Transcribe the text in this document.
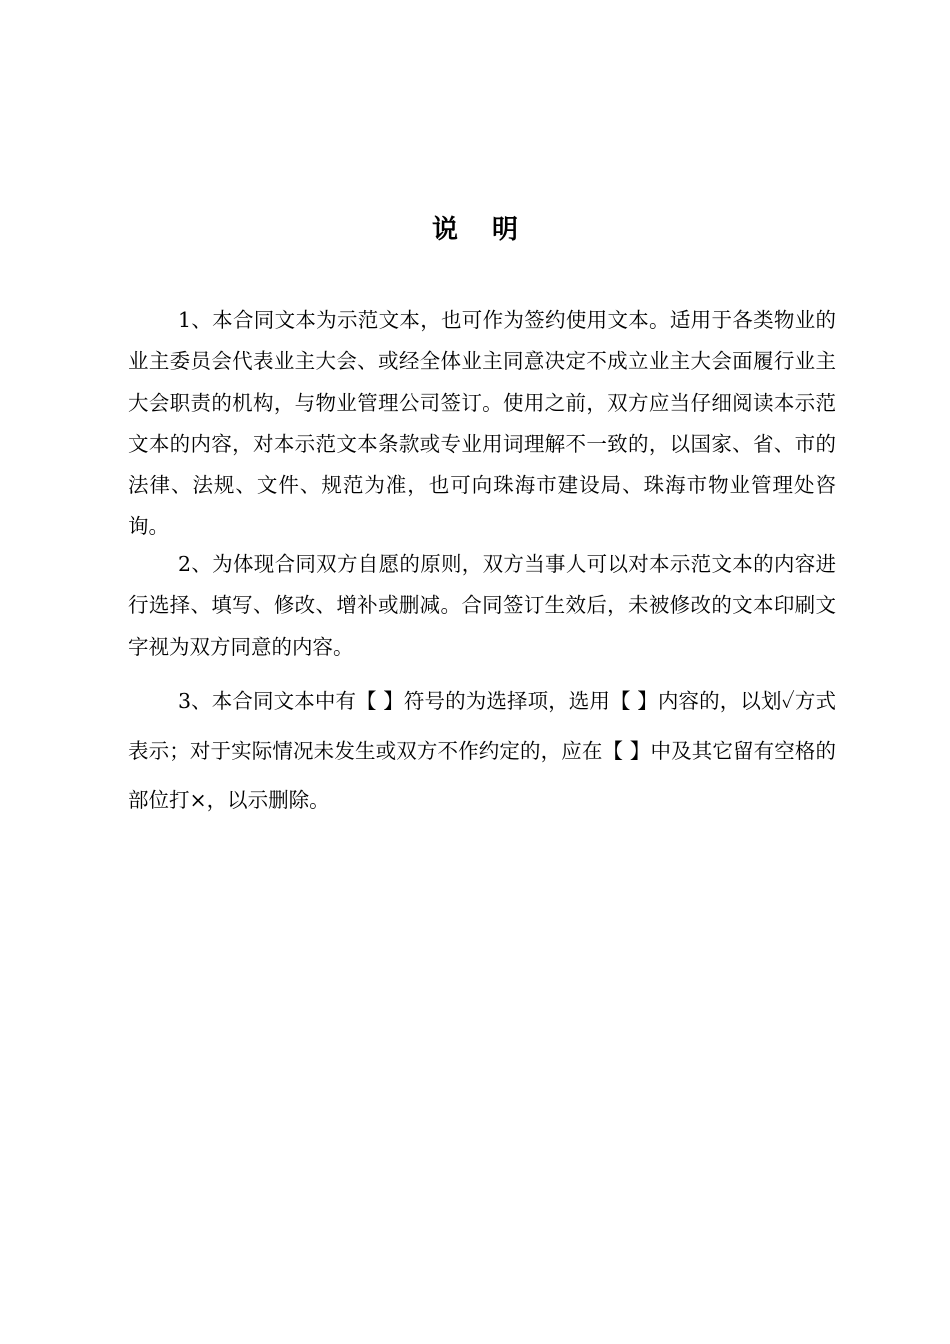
说明

1、本合同文本为示范文本，也可作为签约使用文本。适用于各类物业的业主委员会代表业主大会、或经全体业主同意决定不成立业主大会面履行业主大会职责的机构，与物业管理公司签订。使用之前，双方应当仔细阅读本示范文本的内容，对本示范文本条款或专业用词理解不一致的，以国家、省、市的法律、法规、文件、规范为准，也可向珠海市建设局、珠海市物业管理处咨询。

2、为体现合同双方自愿的原则，双方当事人可以对本示范文本的内容进行选择、填写、修改、增补或删减。合同签订生效后，未被修改的文本印刷文字视为双方同意的内容。

3、本合同文本中有【 】符号的为选择项，选用【 】内容的，以划✓方式表示；对于实际情况未发生或双方不作约定的，应在【 】中及其它留有空格的部位打×，以示删除。
